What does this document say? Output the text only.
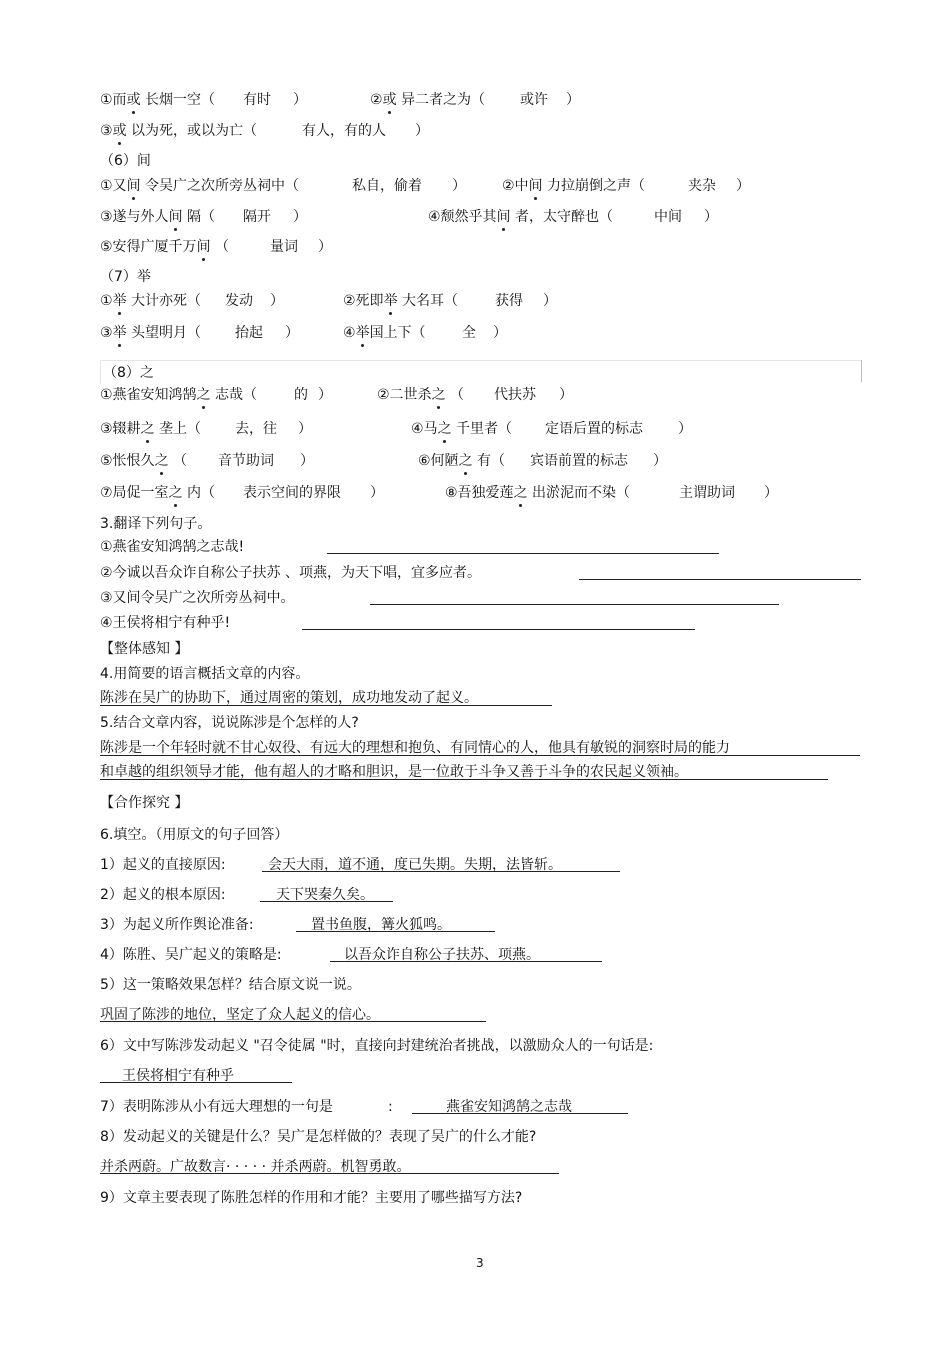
①而或 长烟一空（ 有时 ）	②或 异二者之为（ 或许 ）
③或 以为死，或以为亡（	有人，有的人 ）
（6）间
①又间 令吴广之次所旁丛祠中（	私自，偷着 ）	②中间 力拉崩倒之声（	夹杂 ）
③遂与外人间 隔（ 隔开 ）	④颓然乎其间 者，太守醉也（	中间 ）
⑤安得广厦千万间 （	量词 ）
（7）举
①举 大计亦死（ 发动 ）	②死即举 大名耳（	获得 ）
③举 头望明月（ 抬起 ）	④举国上下（	全 ）
（8）之
①燕雀安知鸿鹄之 志哉（	的 ）	②二世杀之 （ 代扶苏 ）
③辍耕之 垄上（ 去，往 ）	④马之 千里者（ 定语后置的标志	）
⑤怅恨久之 （ 音节助词 ）	⑥何陋之 有（ 宾语前置的标志 ）
⑦局促一室之 内（ 表示空间的界限 ）	⑧吾独爱莲之 出淤泥而不染（	主谓助词 ）
3.翻译下列句子。
①燕雀安知鸿鹄之志哉!
②今诚以吾众诈自称公子扶苏 、项燕，为天下唱，宜多应者。
③又间令吴广之次所旁丛祠中。
④王侯将相宁有种乎!
【整体感知 】
4.用简要的语言概括文章的内容。
陈涉在吴广的协助下，通过周密的策划，成功地发动了起义。
5.结合文章内容，说说陈涉是个怎样的人?
陈涉是一个年轻时就不甘心奴役、有远大的理想和抱负、有同情心的人，他具有敏锐的洞察时局的能力
和卓越的组织领导才能，他有超人的才略和胆识，是一位敢于斗争又善于斗争的农民起义领袖。
【合作探究 】
6.填空。（用原文的句子回答）
1）起义的直接原因:	会天大雨，道不通，度已失期。失期，法皆斩。
2）起义的根本原因:	天下哭秦久矣。
3）为起义所作舆论准备:	置书鱼腹，篝火狐鸣。
4）陈胜、吴广起义的策略是:	以吾众诈自称公子扶苏、项燕。
5）这一策略效果怎样？结合原文说一说。
巩固了陈涉的地位，坚定了众人起义的信心。
6）文中写陈涉发动起义 "召令徒属 "时，直接向封建统治者挑战，以激励众人的一句话是:
王侯将相宁有种乎
7）表明陈涉从小有远大理想的一句是	:	燕雀安知鸿鹄之志哉
8）发动起义的关键是什么？吴广是怎样做的？表现了吴广的什么才能?
并杀两蔚。广故数言· · · · · 并杀两蔚。机智勇敢。
9）文章主要表现了陈胜怎样的作用和才能？主要用了哪些描写方法?
3
